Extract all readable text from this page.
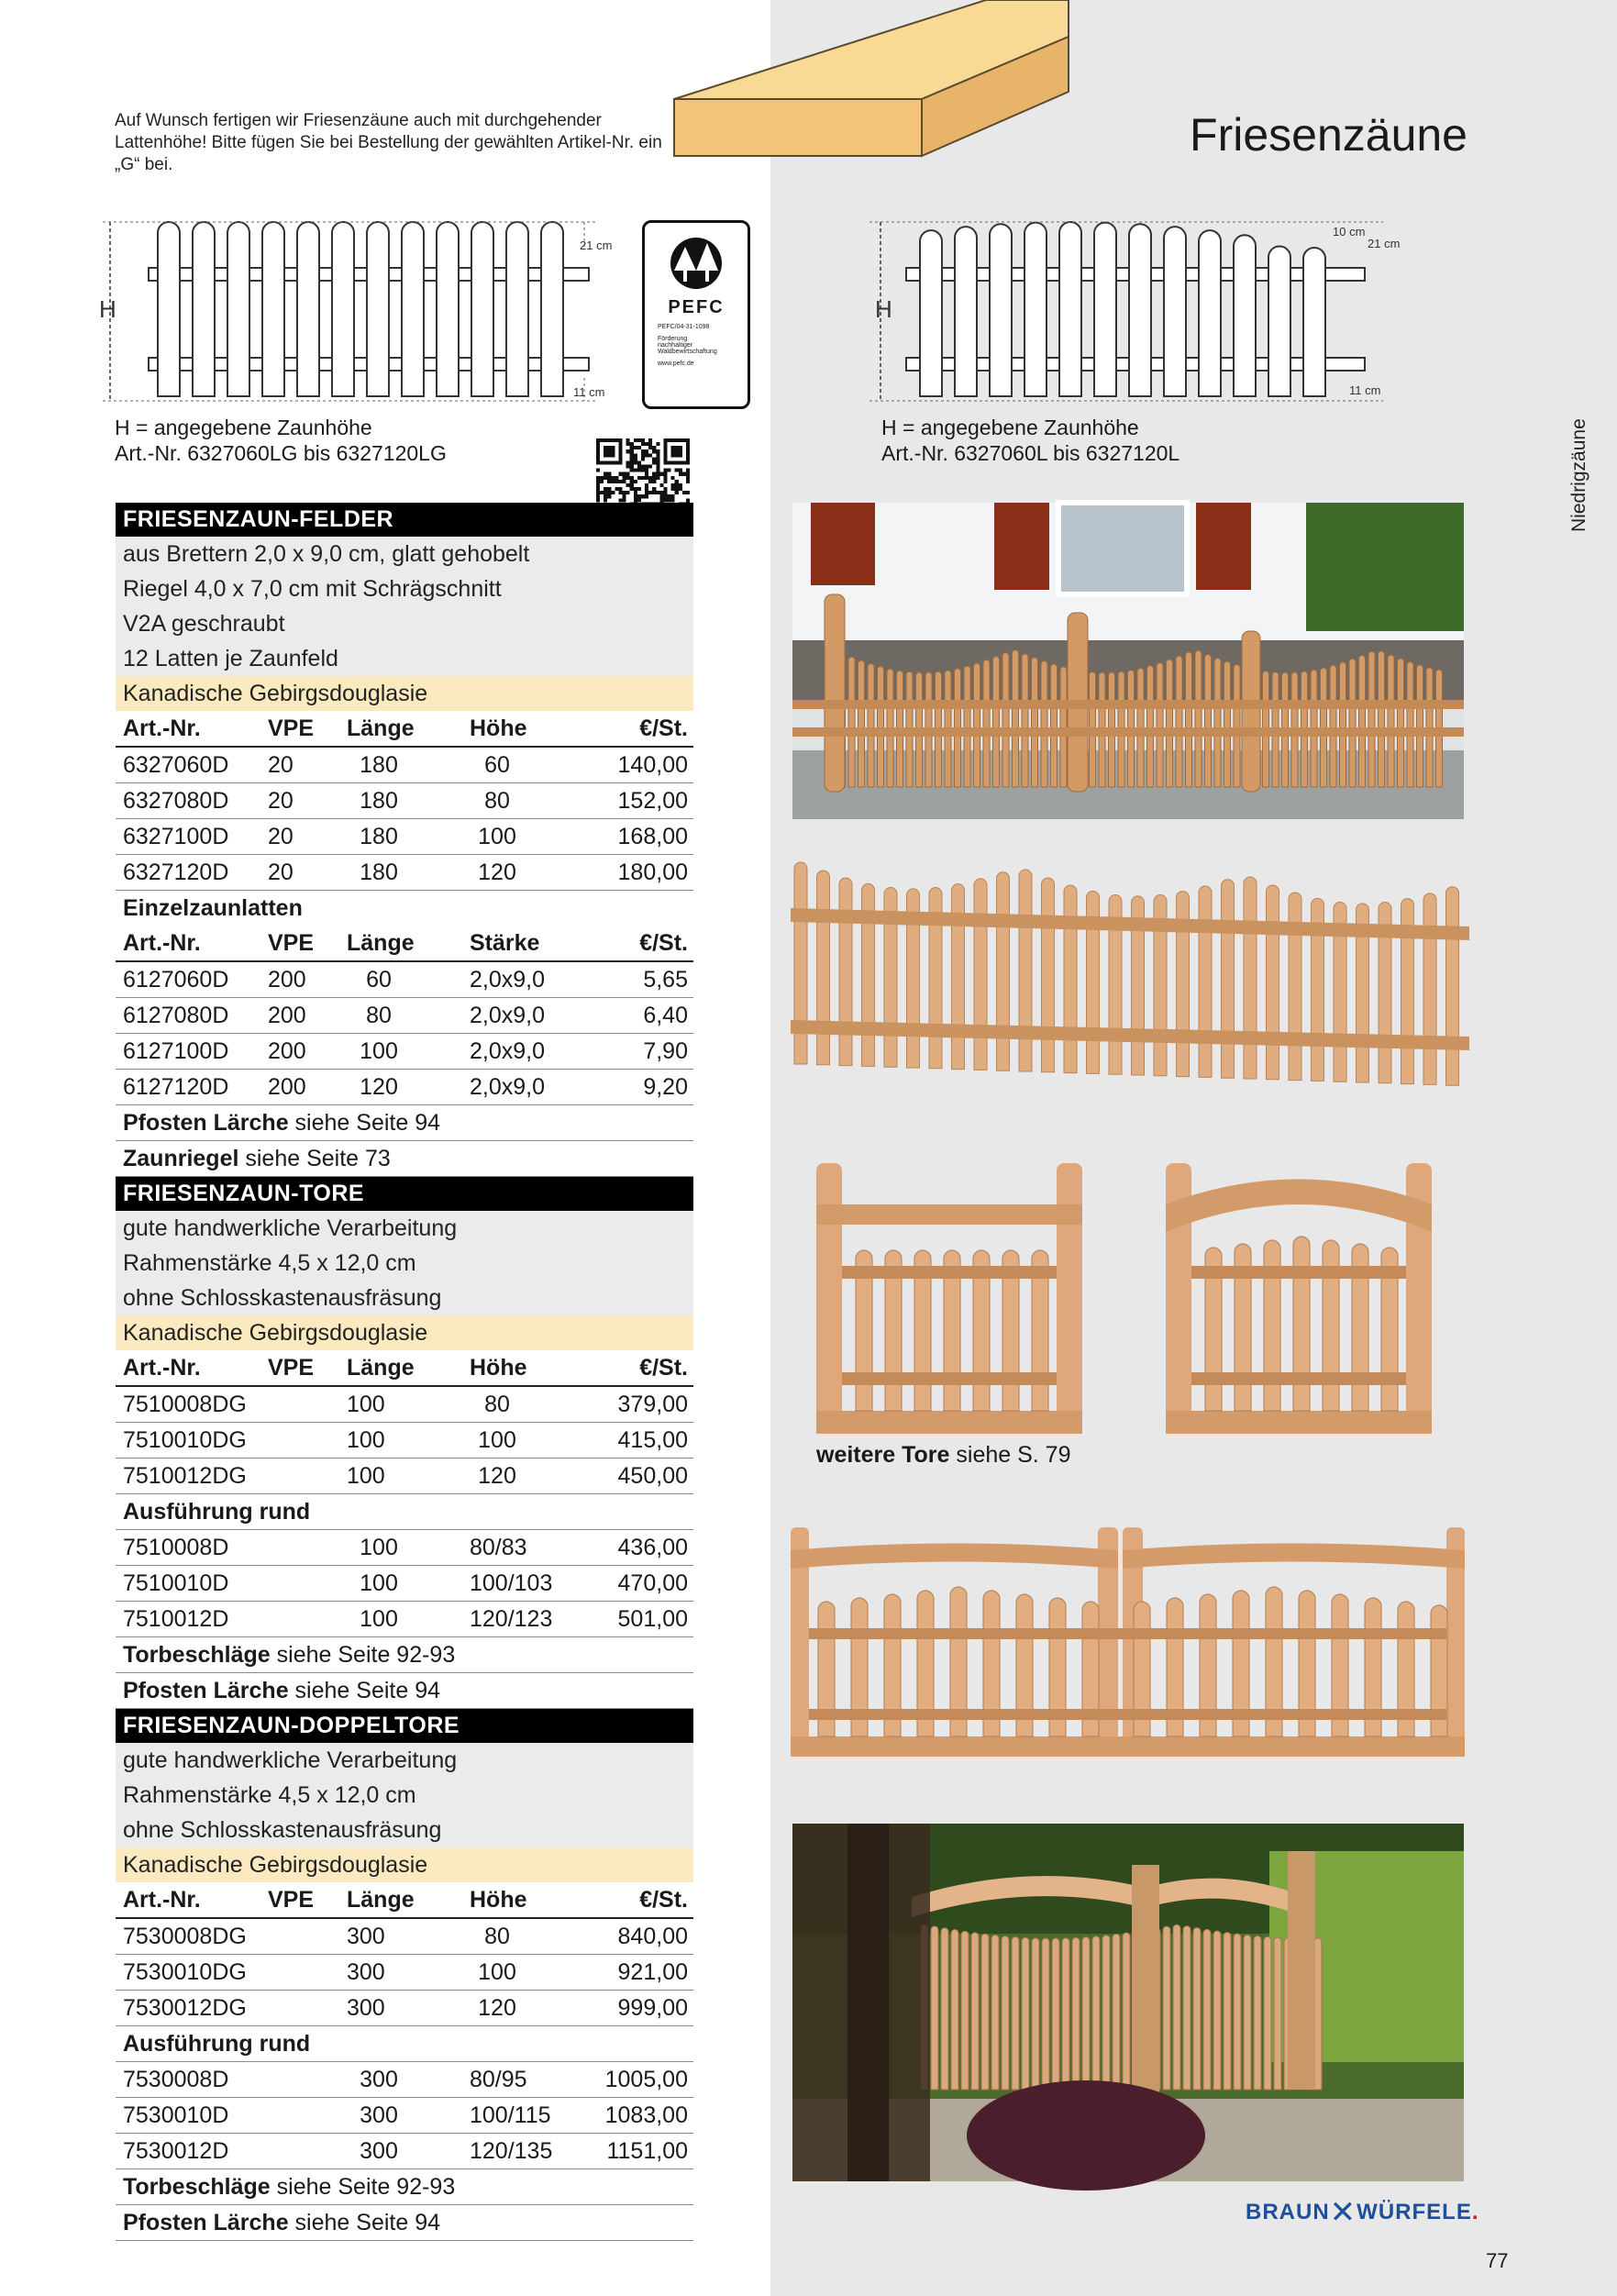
Auf Wunsch fertigen wir Friesenzäune auch mit durchgehender Lattenhöhe! Bitte fügen Sie bei Bestellung der gewählten Artikel-Nr. ein „G“ bei.
Friesenzäune
Niedrigzäune
H
21 cm
11 cm
PEFC
PEFC/04-31-1098
Förderung
nachhaltiger
Waldbewirtschaftung
www.pefc.de
H = angegebene Zaunhöhe
Art.-Nr. 6327060LG bis 6327120LG
H
10 cm
21 cm
11 cm
H = angegebene Zaunhöhe
Art.-Nr. 6327060L bis 6327120L
FRIESENZAUN-FELDER
aus Brettern 2,0 x 9,0 cm, glatt gehobelt
Riegel 4,0 x 7,0 cm mit Schrägschnitt
V2A geschraubt
12 Latten je Zaunfeld
Kanadische Gebirgsdouglasie
Art.-Nr.	VPE Länge Höhe	€/St.
6327060D 20	180	60	140,00
6327080D 20	180	80	152,00
6327100D 20	180	100	168,00
6327120D 20	180	120	180,00
Einzelzaunlatten
Art.-Nr.	VPE Länge Stärke	€/St.
6127060D 200	60	2,0x9,0	5,65
6127080D 200	80	2,0x9,0	6,40
6127100D 200	100	2,0x9,0	7,90
6127120D 200	120	2,0x9,0	9,20
Pfosten Lärche siehe Seite 94
Zaunriegel siehe Seite 73
FRIESENZAUN-TORE
gute handwerkliche Verarbeitung
Rahmenstärke 4,5 x 12,0 cm
ohne Schlosskastenausfräsung
Kanadische Gebirgsdouglasie
Art.-Nr.	VPE Länge Höhe	€/St.
7510008DG	100	80	379,00
7510010DG	100	100	415,00
7510012DG	100	120	450,00
Ausführung rund
7510008D	100	80/83	436,00
7510010D	100	100/103	470,00
7510012D	100	120/123	501,00
Torbeschläge siehe Seite 92-93
Pfosten Lärche siehe Seite 94
FRIESENZAUN-DOPPELTORE
gute handwerkliche Verarbeitung
Rahmenstärke 4,5 x 12,0 cm
ohne Schlosskastenausfräsung
Kanadische Gebirgsdouglasie
Art.-Nr.	VPE Länge Höhe	€/St.
7530008DG	300	80	840,00
7530010DG	300	100	921,00
7530012DG	300	120	999,00
Ausführung rund
7530008D	300	80/95	1005,00
7530010D	300	100/115 1083,00
7530012D	300	120/135 1151,00
Torbeschläge siehe Seite 92-93
Pfosten Lärche siehe Seite 94
weitere Tore siehe S. 79
BRAUN✕WÜRFELE.
77
